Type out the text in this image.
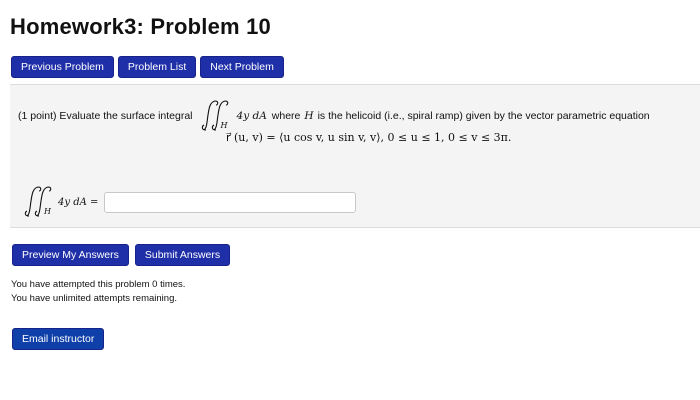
Homework3: Problem 10
Previous Problem	Problem List	Next Problem
(1 point) Evaluate the surface integral
H
4y dA where H is the helicoid (i.e., spiral ramp) given by the vector parametric equation
r⃗ (u, v) = ⟨u cos v, u sin v, v⟩, 0 ≤ u ≤ 1, 0 ≤ v ≤ 3π.
H
4y dA =
Preview My Answers	Submit Answers
You have attempted this problem 0 times.
You have unlimited attempts remaining.
Email instructor
